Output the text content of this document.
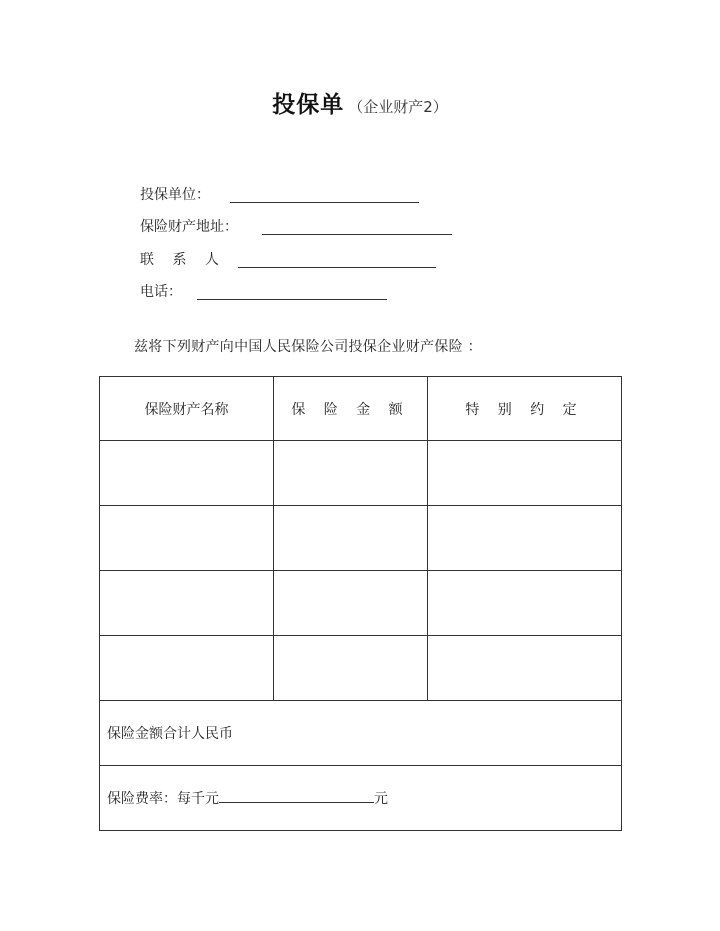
投保单 （企业财产2）
投保单位：
保险财产地址：
联 系 人
电话：
兹将下列财产向中国人民保险公司投保企业财产保险 ：
保险财产名称	保 险 金 额	特 别 约 定

保险金额合计人民币		
保险费率：每千元 元		
